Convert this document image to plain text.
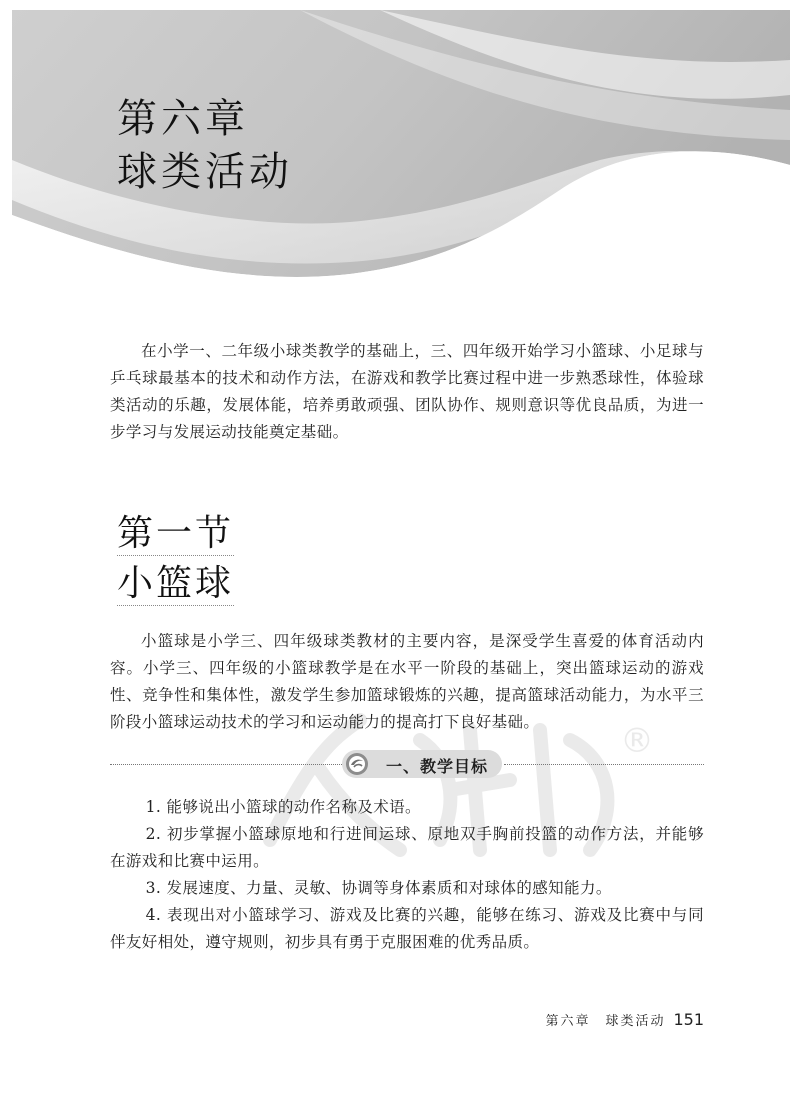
第六章
球类活动

在小学一、二年级小球类教学的基础上，三、四年级开始学习小篮球、小足球与乒乓球最基本的技术和动作方法，在游戏和教学比赛过程中进一步熟悉球性，体验球类活动的乐趣，发展体能，培养勇敢顽强、团队协作、规则意识等优良品质，为进一步学习与发展运动技能奠定基础。

第一节
小篮球

小篮球是小学三、四年级球类教材的主要内容，是深受学生喜爱的体育活动内容。小学三、四年级的小篮球教学是在水平一阶段的基础上，突出篮球运动的游戏性、竞争性和集体性，激发学生参加篮球锻炼的兴趣，提高篮球活动能力，为水平三阶段小篮球运动技术的学习和运动能力的提高打下良好基础。	®
一、教学目标

1. 能够说出小篮球的动作名称及术语。

2. 初步掌握小篮球原地和行进间运球、原地双手胸前投篮的动作方法，并能够在游戏和比赛中运用。

3. 发展速度、力量、灵敏、协调等身体素质和对球体的感知能力。

4. 表现出对小篮球学习、游戏及比赛的兴趣，能够在练习、游戏及比赛中与同伴友好相处，遵守规则，初步具有勇于克服困难的优秀品质。

第六章　球类活动 151
